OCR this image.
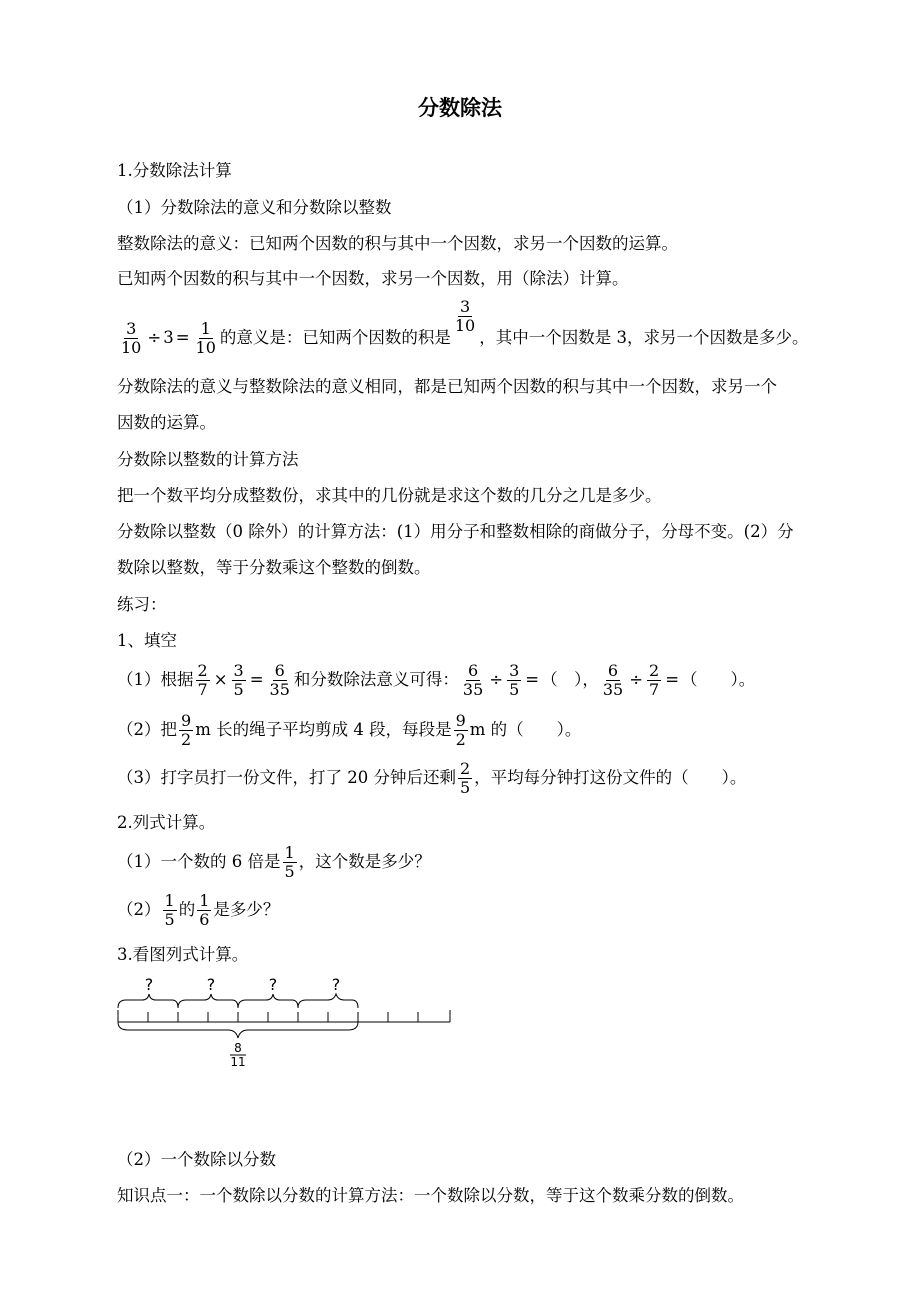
分数除法
1.分数除法计算
（1）分数除法的意义和分数除以整数
整数除法的意义：已知两个因数的积与其中一个因数，求另一个因数的运算。
已知两个因数的积与其中一个因数，求另一个因数，用（除法）计算。
$\frac{3}{10} \div 3 = \frac{1}{10}$ 的意义是：已知两个因数的积是
$\frac{3}{10}$
，其中一个因数是 3，求另一个因数是多少。
分数除法的意义与整数除法的意义相同，都是已知两个因数的积与其中一个因数，求另一个
因数的运算。
分数除以整数的计算方法
把一个数平均分成整数份，求其中的几份就是求这个数的几分之几是多少。
分数除以整数（0 除外）的计算方法：(1）用分子和整数相除的商做分子，分母不变。(2）分
数除以整数，等于分数乘这个整数的倒数。
练习：
1、填空
（1）根据 $\frac{2}{7} \times \frac{3}{5} = \frac{6}{35}$ 和分数除法意义可得： $\frac{6}{35} \div \frac{3}{5}$ = （　）， $\frac{6}{35} \div \frac{2}{7}$ = （　　）。
（2）把 $\frac{9}{2}$ m 长的绳子平均剪成 4 段，每段是 $\frac{9}{2}$ m 的（　　）。
（3）打字员打一份文件，打了 20 分钟后还剩 $\frac{2}{5}$ ，平均每分钟打这份文件的（　　）。
2.列式计算。
（1）一个数的 6 倍是 $\frac{1}{5}$ ，这个数是多少？
$(2) \frac{1}{5}$ 的 $\frac{1}{6}$ 是多少？
3.看图列式计算。
?	?	?	?
8
11
（2）一个数除以分数
知识点一：一个数除以分数的计算方法：一个数除以分数，等于这个数乘分数的倒数。
